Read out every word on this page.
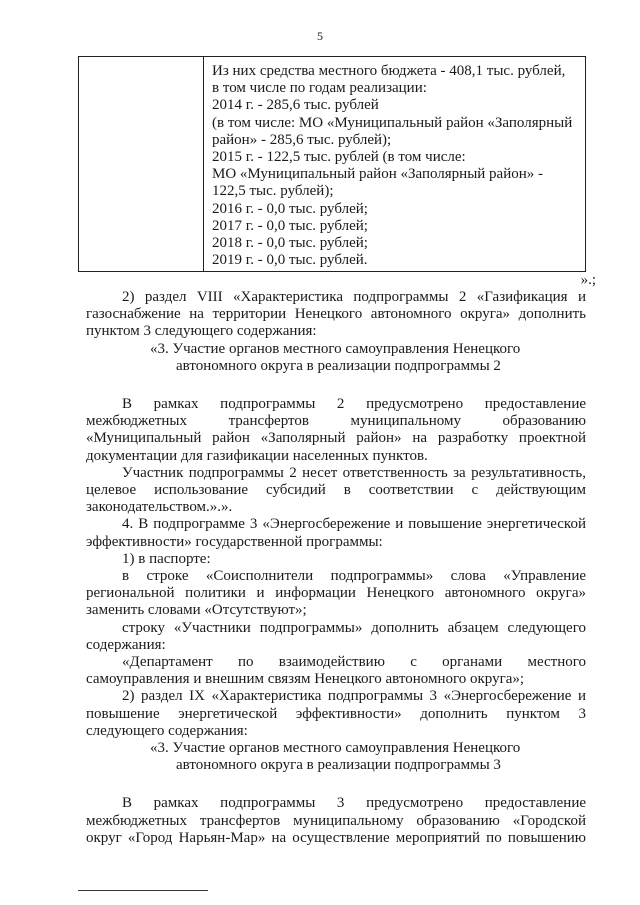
5
Из них средства местного бюджета - 408,1 тыс. рублей,
в том числе по годам реализации:
2014 г. - 285,6 тыс. рублей
(в том числе: МО «Муниципальный район «Заполярный
район» - 285,6 тыс. рублей);
2015 г. - 122,5 тыс. рублей (в том числе:
МО «Муниципальный район «Заполярный район» -
122,5 тыс. рублей);
2016 г. - 0,0 тыс. рублей;
2017 г. - 0,0 тыс. рублей;
2018 г. - 0,0 тыс. рублей;
2019 г. - 0,0 тыс. рублей.
».;
2) раздел VIII «Характеристика подпрограммы 2 «Газификация и
газоснабжение на территории Ненецкого автономного округа» дополнить
пунктом 3 следующего содержания:
«3. Участие органов местного самоуправления Ненецкого
автономного округа в реализации подпрограммы 2
В рамках подпрограммы 2 предусмотрено предоставление
межбюджетных трансфертов муниципальному образованию
«Муниципальный район «Заполярный район» на разработку проектной
документации для газификации населенных пунктов.
Участник подпрограммы 2 несет ответственность за результативность,
целевое использование субсидий в соответствии с действующим
законодательством.».».
4. В подпрограмме 3 «Энергосбережение и повышение энергетической
эффективности» государственной программы:
1) в паспорте:
в строке «Соисполнители подпрограммы» слова «Управление
региональной политики и информации Ненецкого автономного округа»
заменить словами «Отсутствуют»;
строку «Участники подпрограммы» дополнить абзацем следующего
содержания:
«Департамент по взаимодействию с органами местного
самоуправления и внешним связям Ненецкого автономного округа»;
2) раздел IX «Характеристика подпрограммы 3 «Энергосбережение и
повышение энергетической эффективности» дополнить пунктом 3
следующего содержания:
«3. Участие органов местного самоуправления Ненецкого
автономного округа в реализации подпрограммы 3
В рамках подпрограммы 3 предусмотрено предоставление
межбюджетных трансфертов муниципальному образованию «Городской
округ «Город Нарьян-Мар» на осуществление мероприятий по повышению
